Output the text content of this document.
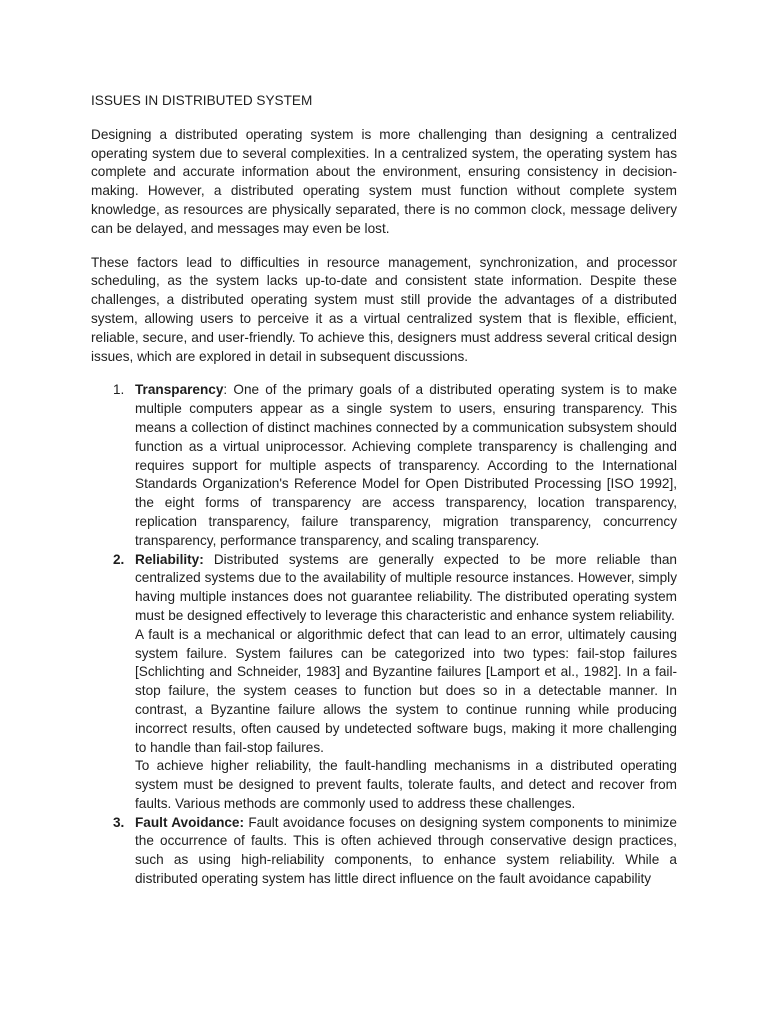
ISSUES IN DISTRIBUTED SYSTEM

Designing a distributed operating system is more challenging than designing a centralized operating system due to several complexities. In a centralized system, the operating system has complete and accurate information about the environment, ensuring consistency in decision-making. However, a distributed operating system must function without complete system knowledge, as resources are physically separated, there is no common clock, message delivery can be delayed, and messages may even be lost.

These factors lead to difficulties in resource management, synchronization, and processor scheduling, as the system lacks up-to-date and consistent state information. Despite these challenges, a distributed operating system must still provide the advantages of a distributed system, allowing users to perceive it as a virtual centralized system that is flexible, efficient, reliable, secure, and user-friendly. To achieve this, designers must address several critical design issues, which are explored in detail in subsequent discussions.

1. Transparency: One of the primary goals of a distributed operating system is to make multiple computers appear as a single system to users, ensuring transparency. This means a collection of distinct machines connected by a communication subsystem should function as a virtual uniprocessor. Achieving complete transparency is challenging and requires support for multiple aspects of transparency. According to the International Standards Organization's Reference Model for Open Distributed Processing [ISO 1992], the eight forms of transparency are access transparency, location transparency, replication transparency, failure transparency, migration transparency, concurrency transparency, performance transparency, and scaling transparency.

2. Reliability: Distributed systems are generally expected to be more reliable than centralized systems due to the availability of multiple resource instances. However, simply having multiple instances does not guarantee reliability. The distributed operating system must be designed effectively to leverage this characteristic and enhance system reliability.

A fault is a mechanical or algorithmic defect that can lead to an error, ultimately causing system failure. System failures can be categorized into two types: fail-stop failures [Schlichting and Schneider, 1983] and Byzantine failures [Lamport et al., 1982]. In a fail-stop failure, the system ceases to function but does so in a detectable manner. In contrast, a Byzantine failure allows the system to continue running while producing incorrect results, often caused by undetected software bugs, making it more challenging to handle than fail-stop failures.

To achieve higher reliability, the fault-handling mechanisms in a distributed operating system must be designed to prevent faults, tolerate faults, and detect and recover from faults. Various methods are commonly used to address these challenges.

3. Fault Avoidance: Fault avoidance focuses on designing system components to minimize the occurrence of faults. This is often achieved through conservative design practices, such as using high-reliability components, to enhance system reliability. While a distributed operating system has little direct influence on the fault avoidance capability
